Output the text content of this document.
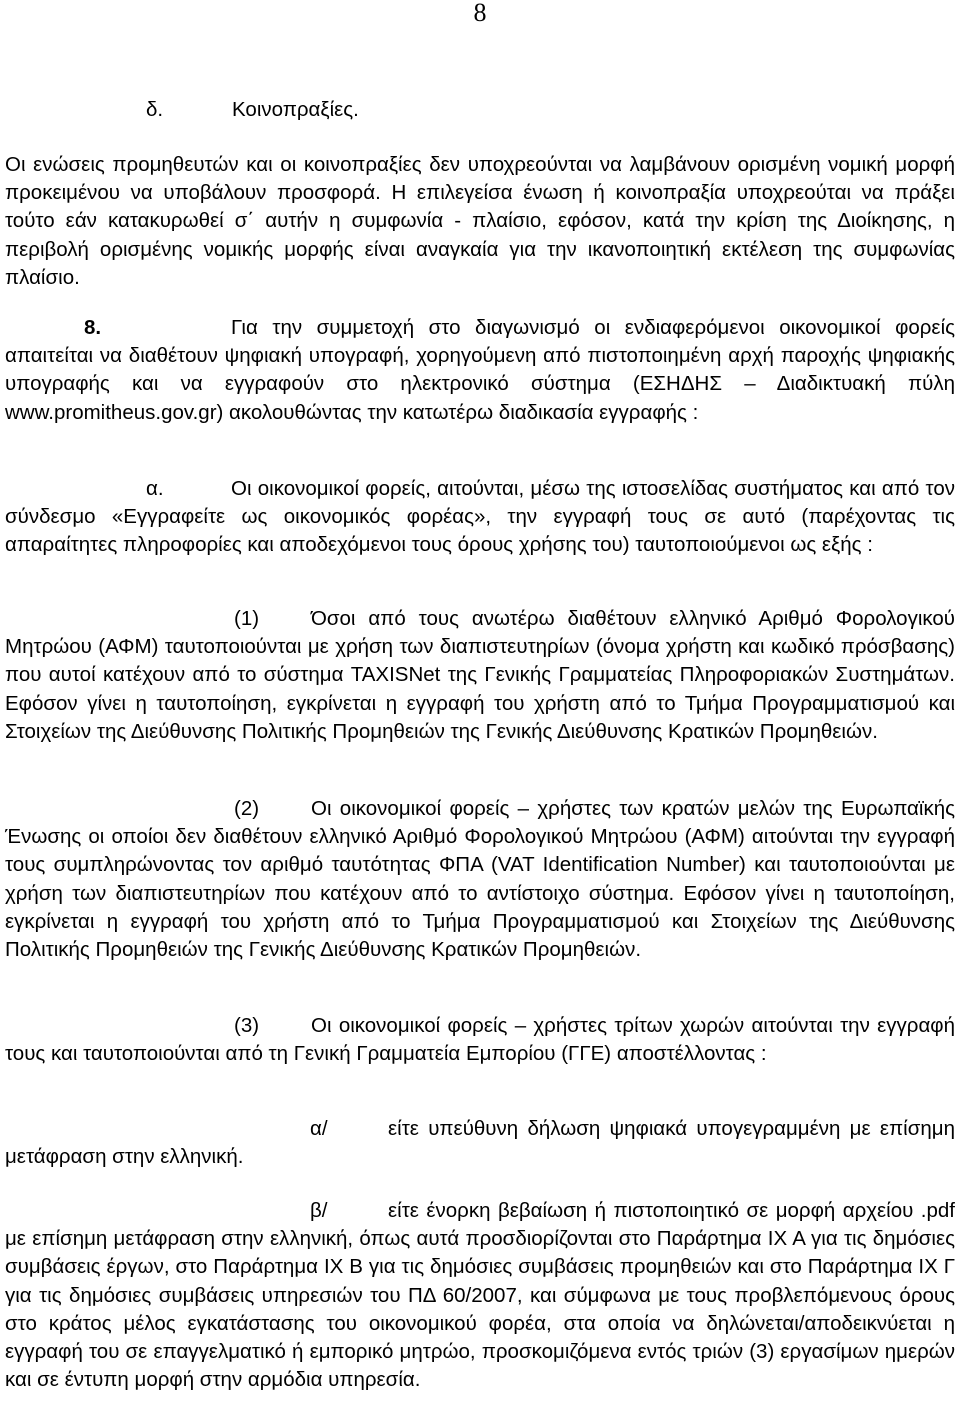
8
δ.	Κοινοπραξίες.

Οι ενώσεις προμηθευτών και οι κοινοπραξίες δεν υποχρεούνται να λαμβάνουν ορισμένη νομική μορφή προκειμένου να υποβάλουν προσφορά. Η επιλεγείσα ένωση ή κοινοπραξία υποχρεούται να πράξει τούτο εάν κατακυρωθεί σ΄ αυτήν η συμφωνία - πλαίσιο, εφόσον, κατά την κρίση της Διοίκησης, η περιβολή ορισμένης νομικής μορφής είναι αναγκαία για την ικανοποιητική εκτέλεση της συμφωνίας πλαίσιο.

8.	Για την συμμετοχή στο διαγωνισμό οι ενδιαφερόμενοι οικονομικοί φορείς απαιτείται να διαθέτουν ψηφιακή υπογραφή, χορηγούμενη από πιστοποιημένη αρχή παροχής ψηφιακής υπογραφής και να εγγραφούν στο ηλεκτρονικό σύστημα (ΕΣΗΔΗΣ – Διαδικτυακή πύλη www.promitheus.gov.gr) ακολουθώντας την κατωτέρω διαδικασία εγγραφής :

α.	Οι οικονομικοί φορείς, αιτούνται, μέσω της ιστοσελίδας συστήματος και από τον σύνδεσμο «Εγγραφείτε ως οικονομικός φορέας», την εγγραφή τους σε αυτό (παρέχοντας τις απαραίτητες πληροφορίες και αποδεχόμενοι τους όρους χρήσης του) ταυτοποιούμενοι ως εξής :

(1)	Όσοι από τους ανωτέρω διαθέτουν ελληνικό Αριθμό Φορολογικού Μητρώου (ΑΦΜ) ταυτοποιούνται με χρήση των διαπιστευτηρίων (όνομα χρήστη και κωδικό πρόσβασης) που αυτοί κατέχουν από το σύστημα TAXISNet της Γενικής Γραμματείας Πληροφοριακών Συστημάτων. Εφόσον γίνει η ταυτοποίηση, εγκρίνεται η εγγραφή του χρήστη από το Τμήμα Προγραμματισμού και Στοιχείων της Διεύθυνσης Πολιτικής Προμηθειών της Γενικής Διεύθυνσης Κρατικών Προμηθειών.

(2)	Οι οικονομικοί φορείς – χρήστες των κρατών μελών της Ευρωπαϊκής Ένωσης οι οποίοι δεν διαθέτουν ελληνικό Αριθμό Φορολογικού Μητρώου (ΑΦΜ) αιτούνται την εγγραφή τους συμπληρώνοντας τον αριθμό ταυτότητας ΦΠΑ (VAT Identification Number) και ταυτοποιούνται με χρήση των διαπιστευτηρίων που κατέχουν από το αντίστοιχο σύστημα. Εφόσον γίνει η ταυτοποίηση, εγκρίνεται η εγγραφή του χρήστη από το Τμήμα Προγραμματισμού και Στοιχείων της Διεύθυνσης Πολιτικής Προμηθειών της Γενικής Διεύθυνσης Κρατικών Προμηθειών.

(3)	Οι οικονομικοί φορείς – χρήστες τρίτων χωρών αιτούνται την εγγραφή τους και ταυτοποιούνται από τη Γενική Γραμματεία Εμπορίου (ΓΓΕ) αποστέλλοντας :

α/	είτε υπεύθυνη δήλωση ψηφιακά υπογεγραμμένη με επίσημη μετάφραση στην ελληνική.

β/	είτε ένορκη βεβαίωση ή πιστοποιητικό σε μορφή αρχείου .pdf με επίσημη μετάφραση στην ελληνική, όπως αυτά προσδιορίζονται στο Παράρτημα ΙΧ Α για τις δημόσιες συμβάσεις έργων, στο Παράρτημα ΙΧ Β για τις δημόσιες συμβάσεις προμηθειών και στο Παράρτημα ΙΧ Γ για τις δημόσιες συμβάσεις υπηρεσιών του ΠΔ 60/2007, και σύμφωνα με τους προβλεπόμενους όρους στο κράτος μέλος εγκατάστασης του οικονομικού φορέα, στα οποία να δηλώνεται/αποδεικνύεται η εγγραφή του σε επαγγελματικό ή εμπορικό μητρώο, προσκομιζόμενα εντός τριών (3) εργασίμων ημερών και σε έντυπη μορφή στην αρμόδια υπηρεσία.
